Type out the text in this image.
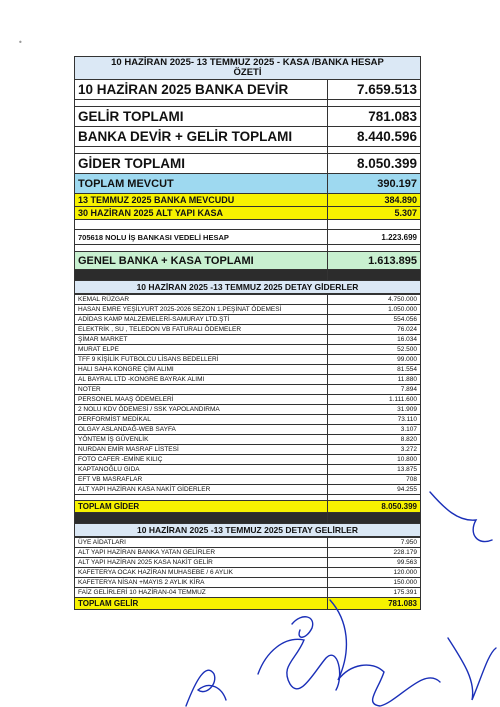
•
10 HAZİRAN 2025- 13 TEMMUZ 2025 - KASA /BANKA HESAP
ÖZETİ	

10 HAZİRAN 2025 BANKA DEVİR	7.659.513

GELİR TOPLAMI	781.083
BANKA DEVİR + GELİR TOPLAMI	8.440.596

GİDER TOPLAMI	8.050.399
TOPLAM MEVCUT	390.197
13 TEMMUZ 2025 BANKA MEVCUDU	384.890
30 HAZİRAN 2025 ALT YAPI KASA	5.307

705618 NOLU İŞ BANKASI VEDELİ HESAP	1.223.699

GENEL BANKA + KASA TOPLAMI	1.613.895

10 HAZİRAN 2025 -13 TEMMUZ 2025 DETAY GİDERLER	
KEMAL RÜZGAR	4.750.000
HASAN EMRE YEŞİLYURT 2025-2026 SEZON 1.PEŞİNAT ÖDEMESİ	1.050.000
ADİDAS KAMP MALZEMELERİ-SAMURAY LTD.ŞTİ	554.056
ELEKTRİK , SU , TELEDON VB FATURALI ÖDEMELER	76.024
ŞİMAR MARKET	16.034
MURAT ELPE	52.500
TFF 9 KİŞİLİK FUTBOLCU LİSANS BEDELLERİ	99.000
HALI SAHA KONGRE ÇİM ALIMI	81.554
AL BAYRAL LTD -KONGRE BAYRAK ALIMI	11.880
NOTER	7.894
PERSONEL MAAŞ ÖDEMELERİ	1.111.600
2 NOLU KDV ÖDEMESİ / SSK YAPOLANDIRMA	31.909
PERFORMİST MEDİKAL	73.110
OLGAY ASLANDAĞ-WEB SAYFA	3.107
YÖNTEM İŞ GÜVENLİK	8.820
NURDAN EMİR MASRAF LİSTESİ	3.272
FOTO CAFER -EMİNE KILIÇ	10.800
KAPTANOĞLU GIDA	13.875
EFT VB MASRAFLAR	708
ALT YAPI HAZİRAN KASA NAKİT GİDERLER	94.255

TOPLAM GİDER	8.050.399

10 HAZİRAN 2025 -13 TEMMUZ 2025 DETAY GELİRLER	
ÜYE AİDATLARI	7.950
ALT YAPI HAZİRAN BANKA YATAN GELİRLER	228.179
ALT YAPI HAZİRAN 2025 KASA NAKİT GELİR	99.563
KAFETERYA OCAK HAZİRAN MUHASEBE / 6 AYLIK	120.000
KAFETERYA NİSAN +MAYIS 2 AYLIK KİRA	150.000
FAİZ GELİRLERİ 10 HAZİRAN-04 TEMMUZ	175.391
TOPLAM GELİR	781.083
